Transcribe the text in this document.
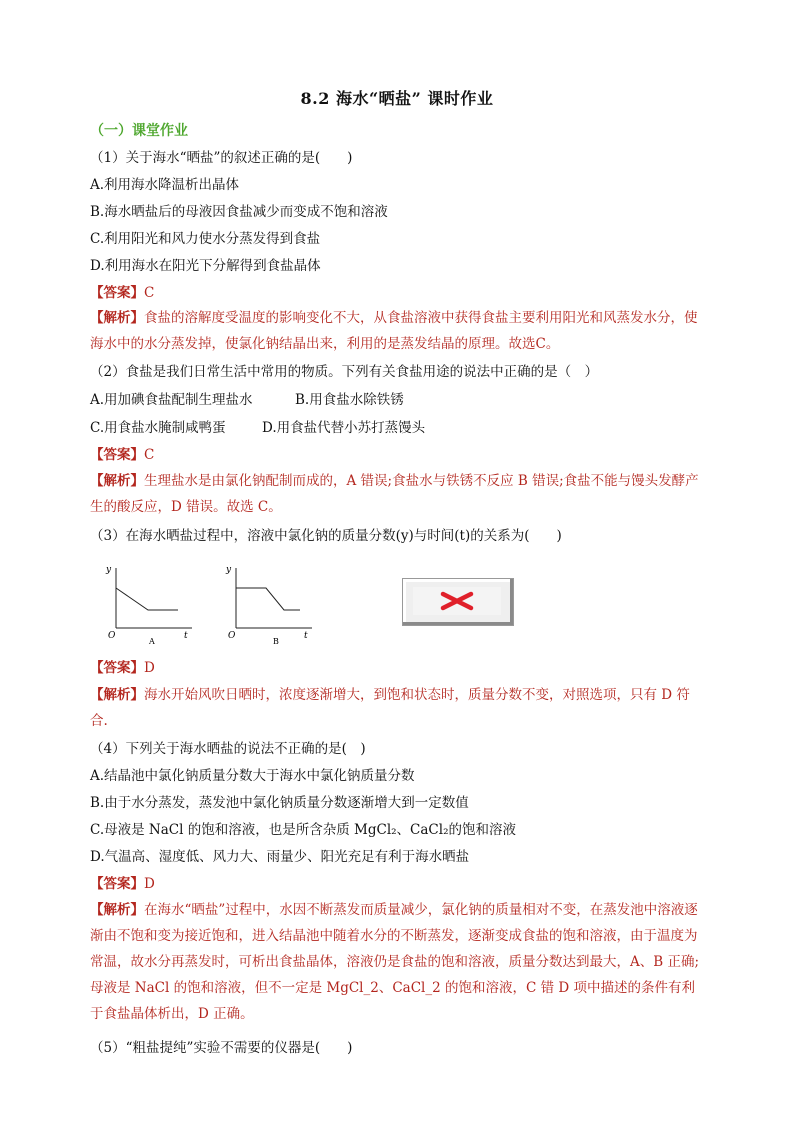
8.2 海水“晒盐” 课时作业
（一）课堂作业
（1）关于海水“晒盐”的叙述正确的是(　　)
A.利用海水降温析出晶体
B.海水晒盐后的母液因食盐减少而变成不饱和溶液
C.利用阳光和风力使水分蒸发得到食盐
D.利用海水在阳光下分解得到食盐晶体
【答案】C
【解析】食盐的溶解度受温度的影响变化不大，从食盐溶液中获得食盐主要利用阳光和风蒸发水分，使海水中的水分蒸发掉，使氯化钠结晶出来，利用的是蒸发结晶的原理。故选C。
（2）食盐是我们日常生活中常用的物质。下列有关食盐用途的说法中正确的是（　）
A.用加碘食盐配制生理盐水	B.用食盐水除铁锈
C.用食盐水腌制咸鸭蛋	D.用食盐代替小苏打蒸馒头
【答案】C
【解析】生理盐水是由氯化钠配制而成的，A 错误;食盐水与铁锈不反应 B 错误;食盐不能与馒头发酵产生的酸反应，D 错误。故选 C。
（3）在海水晒盐过程中，溶液中氯化钠的质量分数(y)与时间(t)的关系为(　　)
y
t
O
A
y
t
O
B
【答案】D
【解析】海水开始风吹日晒时，浓度逐渐增大，到饱和状态时，质量分数不变，对照选项，只有 D 符合.
（4）下列关于海水晒盐的说法不正确的是(　)
A.结晶池中氯化钠质量分数大于海水中氯化钠质量分数
B.由于水分蒸发，蒸发池中氯化钠质量分数逐渐增大到一定数值
C.母液是 NaCl 的饱和溶液，也是所含杂质 MgCl₂、CaCl₂的饱和溶液
D.气温高、湿度低、风力大、雨量少、阳光充足有利于海水晒盐
【答案】D
【解析】在海水“晒盐”过程中，水因不断蒸发而质量减少，氯化钠的质量相对不变，在蒸发池中溶液逐渐由不饱和变为接近饱和，进入结晶池中随着水分的不断蒸发，逐渐变成食盐的饱和溶液，由于温度为常温，故水分再蒸发时，可析出食盐晶体，溶液仍是食盐的饱和溶液，质量分数达到最大，A、B 正确;母液是 NaCl 的饱和溶液，但不一定是 MgCl_2、CaCl_2 的饱和溶液，C 错 D 项中描述的条件有利于食盐晶体析出，D 正确。
（5）“粗盐提纯”实验不需要的仪器是(　　)
